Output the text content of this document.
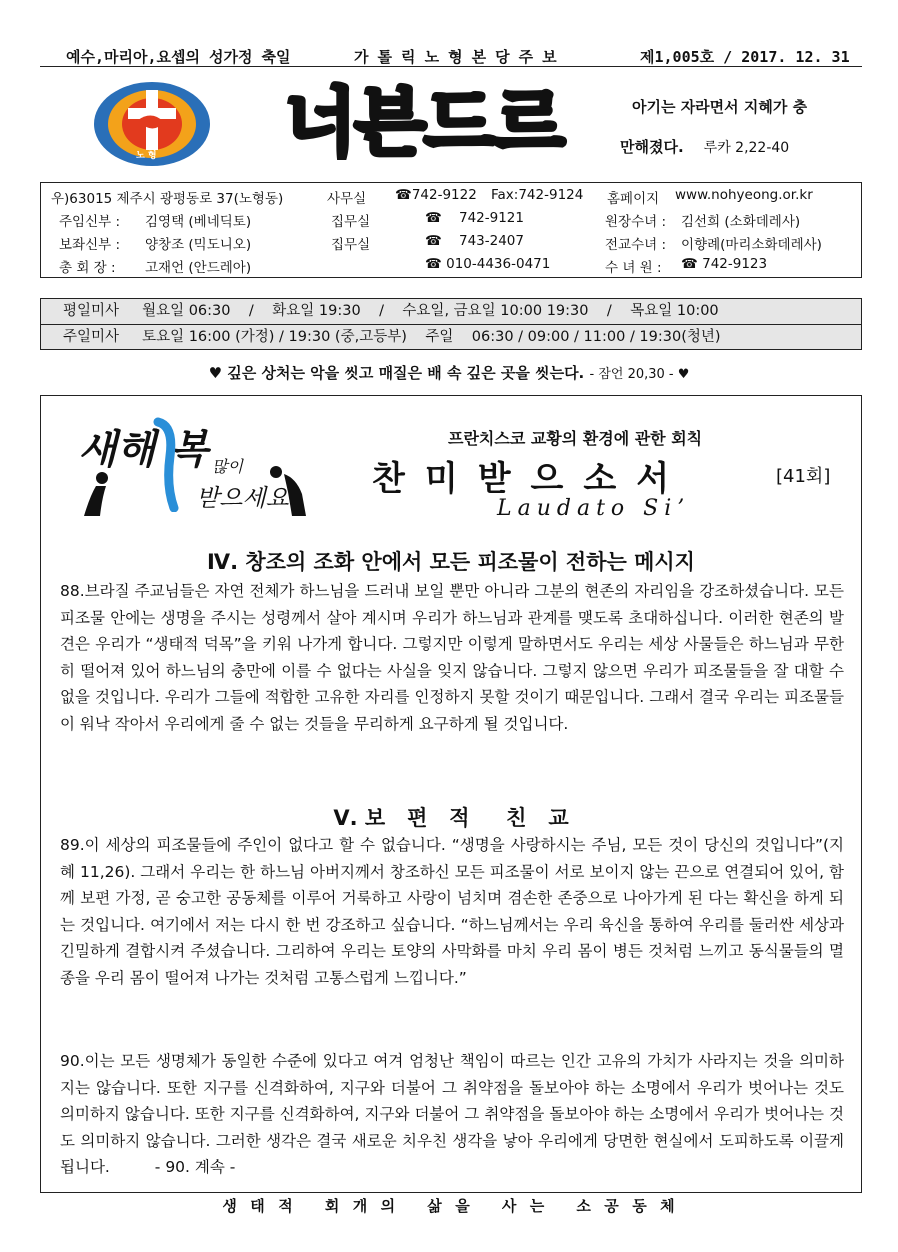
예수,마리아,요셉의 성가정 축일	가 톨 릭 노 형 본 당 주 보	제1,005호 / 2017. 12. 31
노 형 너븐드르	아기는 자라면서 지혜가 충
만해졌다. 루카 2,22-40
우)63015 제주시 광평동로 37(노형동)	사무실 ☎742-9122 Fax:742-9124 홈페이지 www.nohyeong.or.kr
주임신부 : 김영택 (베네딕토)	집무실	☎    742-9121	원장수녀 : 김선희 (소화데레사)
보좌신부 : 양창조 (믹도니오)	집무실	☎    743-2407	전교수녀 : 이향례(마리소화데레사)
총 회 장 : 고재언 (안드레아)	☎ 010-4436-0471	수 녀 원 : ☎ 742-9123
평일미사     월요일 06:30    /    화요일 19:30    /    수요일, 금요일 10:00 19:30    /    목요일 10:00
주일미사     토요일 16:00 (가정) / 19:30 (중,고등부)    주일    06:30 / 09:00 / 11:00 / 19:30(청년)
♥ 깊은 상처는 악을 씻고 매질은 배 속 깊은 곳을 씻는다. - 잠언 20,30 - ♥
새해 복 많이
받으세요
프란치스코 교황의 환경에 관한 회칙
찬미받으소서	[41회]
Laudato Si’
Ⅳ. 창조의 조화 안에서 모든 피조물이 전하는 메시지
88.브라질 주교님들은 자연 전체가 하느님을 드러내 보일 뿐만 아니라 그분의 현존의 자리임을 강조하셨습니다. 모든 피조물 안에는 생명을 주시는 성령께서 살아 계시며 우리가 하느님과 관계를 맺도록 초대하십니다. 이러한 현존의 발견은 우리가 “생태적 덕목”을 키워 나가게 합니다. 그렇지만 이렇게 말하면서도 우리는 세상 사물들은 하느님과 무한히 떨어져 있어 하느님의 충만에 이를 수 없다는 사실을 잊지 않습니다. 그렇지 않으면 우리가 피조물들을 잘 대할 수 없을 것입니다. 우리가 그들에 적합한 고유한 자리를 인정하지 못할 것이기 때문입니다. 그래서 결국 우리는 피조물들이 워낙 작아서 우리에게 줄 수 없는 것들을 무리하게 요구하게 될 것입니다.
Ⅴ. 보   편   적     친   교
89.이 세상의 피조물들에 주인이 없다고 할 수 없습니다. “생명을 사랑하시는 주님, 모든 것이 당신의 것입니다”(지혜 11,26). 그래서 우리는 한 하느님 아버지께서 창조하신 모든 피조물이 서로 보이지 않는 끈으로 연결되어 있어, 함께 보편 가정, 곧 숭고한 공동체를 이루어 거룩하고 사랑이 넘치며 겸손한 존중으로 나아가게 된 다는 확신을 하게 되는 것입니다. 여기에서 저는 다시 한 번 강조하고 싶습니다. “하느님께서는 우리 육신을 통하여 우리를 둘러싼 세상과 긴밀하게 결합시켜 주셨습니다. 그리하여 우리는 토양의 사막화를 마치 우리 몸이 병든 것처럼 느끼고 동식물들의 멸종을 우리 몸이 떨어져 나가는 것처럼 고통스럽게 느낍니다.”
90.이는 모든 생명체가 동일한 수준에 있다고 여겨 엄청난 책임이 따르는 인간 고유의 가치가 사라지는 것을 의미하지는 않습니다. 또한 지구를 신격화하여, 지구와 더불어 그 취약점을 돌보아야 하는 소명에서 우리가 벗어나는 것도 의미하지 않습니다. 또한 지구를 신격화하여, 지구와 더불어 그 취약점을 돌보아야 하는 소명에서 우리가 벗어나는 것도 의미하지 않습니다. 그러한 생각은 결국 새로운 치우친 생각을 낳아 우리에게 당면한 현실에서 도피하도록 이끌게 됩니다.	- 90. 계속 -
생  태  적     회  개  의     삶  을     사  는     소  공  동  체
